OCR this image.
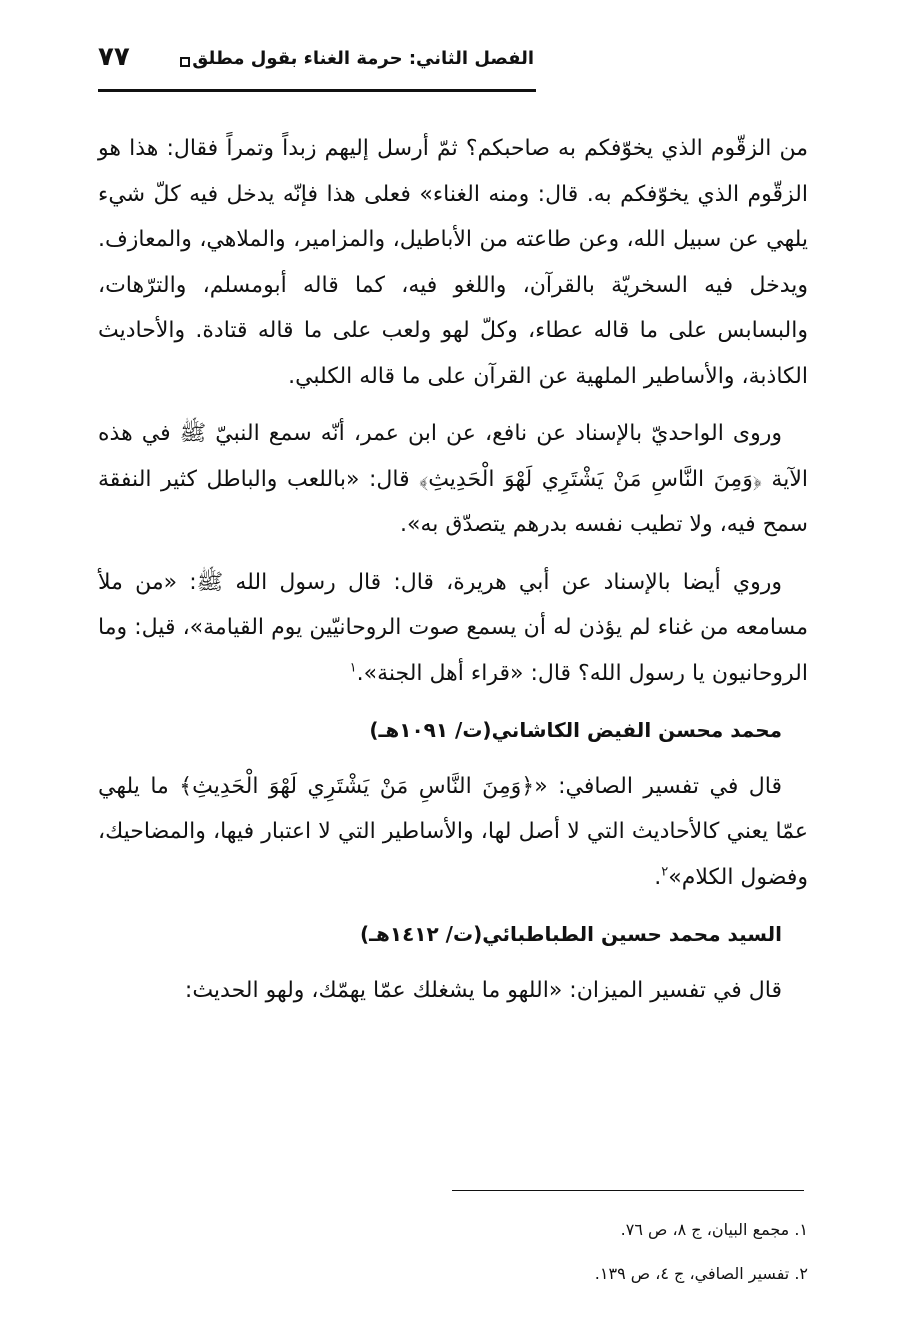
الفصل الثاني: حرمة الغناء بقول مطلق
٧٧

من الزقّوم الذي يخوّفكم به صاحبكم؟ ثمّ أرسل إليهم زبداً وتمراً فقال: هذا هو الزقّوم الذي يخوّفكم به. قال: ومنه الغناء» فعلى هذا فإنّه يدخل فيه كلّ شيء يلهي عن سبيل الله، وعن طاعته من الأباطيل، والمزامير، والملاهي، والمعازف. ويدخل فيه السخريّة بالقرآن، واللغو فيه، كما قاله أبومسلم، والترّهات، والبسابس على ما قاله عطاء، وكلّ لهو ولعب على ما قاله قتادة. والأحاديث الكاذبة، والأساطير الملهية عن القرآن على ما قاله الكلبي.

وروى الواحديّ بالإسناد عن نافع، عن ابن عمر، أنّه سمع النبيّ ﷺ في هذه الآية ﴿وَمِنَ النَّاسِ مَنْ يَشْتَرِي لَهْوَ الْحَدِيثِ﴾ قال: «باللعب والباطل كثير النفقة سمح فيه، ولا تطيب نفسه بدرهم يتصدّق به».

وروي أيضا بالإسناد عن أبي هريرة، قال: قال رسول الله ﷺ: «من ملأ مسامعه من غناء لم يؤذن له أن يسمع صوت الروحانيّين يوم القيامة»، قيل: وما الروحانيون يا رسول الله؟ قال: «قراء أهل الجنة».$^١$

محمد محسن الفيض الكاشاني(ت/ ١٠٩١هـ)

قال في تفسير الصافي: «﴿وَمِنَ النَّاسِ مَنْ يَشْتَرِي لَهْوَ الْحَدِيثِ﴾ ما يلهي عمّا يعني كالأحاديث التي لا أصل لها، والأساطير التي لا اعتبار فيها، والمضاحيك، وفضول الكلام»$^٢$.

السيد محمد حسين الطباطبائي(ت/ ١٤١٢هـ)

قال في تفسير الميزان: «اللهو ما يشغلك عمّا يهمّك، ولهو الحديث:

١. مجمع البيان، ج ٨، ص ٧٦.
٢. تفسير الصافي، ج ٤، ص ١٣٩.
